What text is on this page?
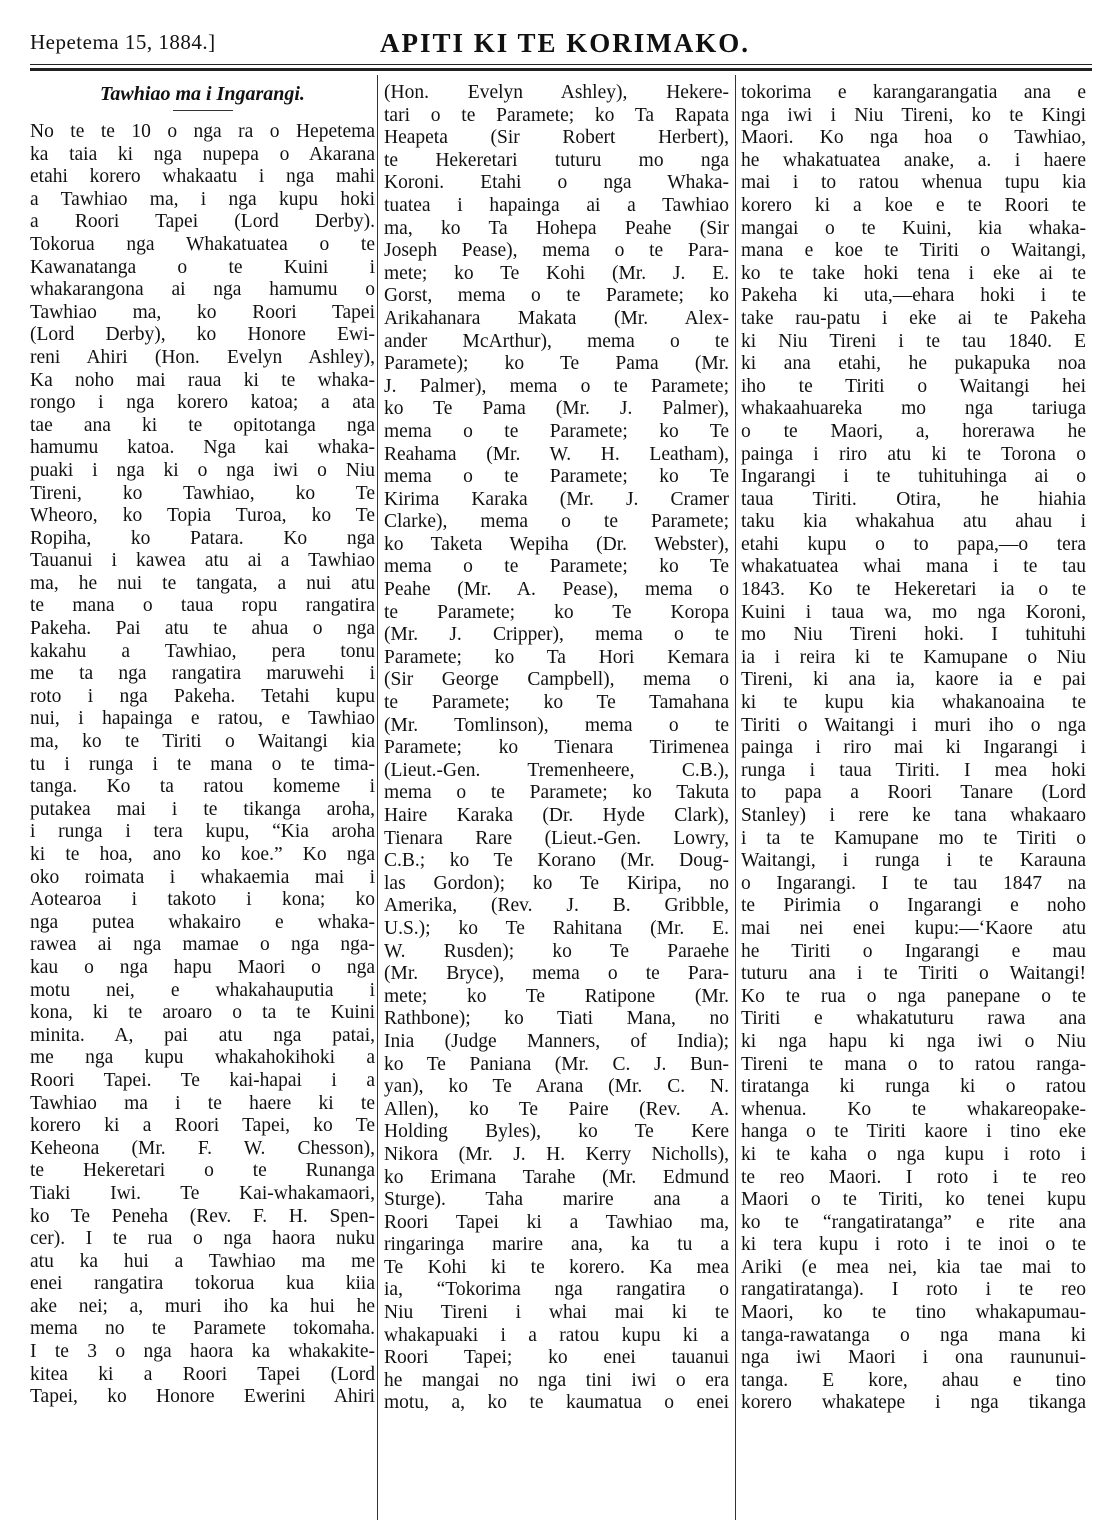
Hepetema 15, 1884.]	APITI KI TE KORIMAKO.
Tawhiao ma i Ingarangi.

No te te 10 o nga ra o Hepetema

ka taia ki nga nupepa o Akarana

etahi korero whakaatu i nga mahi

a Tawhiao ma, i nga kupu hoki

a Roori Tapei (Lord Derby).

Tokorua nga Whakatuatea o te

Kawanatanga o te Kuini i

whakarangona ai nga hamumu o

Tawhiao ma, ko Roori Tapei

(Lord Derby), ko Honore Ewi-

reni Ahiri (Hon. Evelyn Ashley),

Ka noho mai raua ki te whaka-

rongo i nga korero katoa; a ata

tae ana ki te opitotanga nga

hamumu katoa. Nga kai whaka-

puaki i nga ki o nga iwi o Niu

Tireni, ko Tawhiao, ko Te

Wheoro, ko Topia Turoa, ko Te

Ropiha, ko Patara. Ko nga

Tauanui i kawea atu ai a Tawhiao

ma, he nui te tangata, a nui atu

te mana o taua ropu rangatira

Pakeha. Pai atu te ahua o nga

kakahu a Tawhiao, pera tonu

me ta nga rangatira maruwehi i

roto i nga Pakeha. Tetahi kupu

nui, i hapainga e ratou, e Tawhiao

ma, ko te Tiriti o Waitangi kia

tu i runga i te mana o te tima-

tanga. Ko ta ratou komeme i

putakea mai i te tikanga aroha,

i runga i tera kupu, “Kia aroha

ki te hoa, ano ko koe.” Ko nga

oko roimata i whakaemia mai i

Aotearoa i takoto i kona; ko

nga putea whakairo e whaka-

rawea ai nga mamae o nga nga-

kau o nga hapu Maori o nga

motu nei, e whakahauputia i

kona, ki te aroaro o ta te Kuini

minita. A, pai atu nga patai,

me nga kupu whakahokihoki a

Roori Tapei. Te kai-hapai i a

Tawhiao ma i te haere ki te

korero ki a Roori Tapei, ko Te

Keheona (Mr. F. W. Chesson),

te Hekeretari o te Runanga

Tiaki Iwi. Te Kai-whakamaori,

ko Te Peneha (Rev. F. H. Spen-

cer). I te rua o nga haora nuku

atu ka hui a Tawhiao ma me

enei rangatira tokorua kua kiia

ake nei; a, muri iho ka hui he

mema no te Paramete tokomaha.

I te 3 o nga haora ka whakakite-

kitea ki a Roori Tapei (Lord

Tapei, ko Honore Ewerini Ahiri

(Hon. Evelyn Ashley), Hekere-

tari o te Paramete; ko Ta Rapata

Heapeta (Sir Robert Herbert),

te Hekeretari tuturu mo nga

Koroni. Etahi o nga Whaka-

tuatea i hapainga ai a Tawhiao

ma, ko Ta Hohepa Peahe (Sir

Joseph Pease), mema o te Para-

mete; ko Te Kohi (Mr. J. E.

Gorst, mema o te Paramete; ko

Arikahanara Makata (Mr. Alex-

ander McArthur), mema o te

Paramete); ko Te Pama (Mr.

J. Palmer), mema o te Paramete;

ko Te Pama (Mr. J. Palmer),

mema o te Paramete; ko Te

Reahama (Mr. W. H. Leatham),

mema o te Paramete; ko Te

Kirima Karaka (Mr. J. Cramer

Clarke), mema o te Paramete;

ko Taketa Wepiha (Dr. Webster),

mema o te Paramete; ko Te

Peahe (Mr. A. Pease), mema o

te Paramete; ko Te Koropa

(Mr. J. Cripper), mema o te

Paramete; ko Ta Hori Kemara

(Sir George Campbell), mema o

te Paramete; ko Te Tamahana

(Mr. Tomlinson), mema o te

Paramete; ko Tienara Tirimenea

(Lieut.-Gen. Tremenheere, C.B.),

mema o te Paramete; ko Takuta

Haire Karaka (Dr. Hyde Clark),

Tienara Rare (Lieut.-Gen. Lowry,

C.B.; ko Te Korano (Mr. Doug-

las Gordon); ko Te Kiripa, no

Amerika, (Rev. J. B. Gribble,

U.S.); ko Te Rahitana (Mr. E.

W. Rusden); ko Te Paraehe

(Mr. Bryce), mema o te Para-

mete; ko Te Ratipone (Mr.

Rathbone); ko Tiati Mana, no

Inia (Judge Manners, of India);

ko Te Paniana (Mr. C. J. Bun-

yan), ko Te Arana (Mr. C. N.

Allen), ko Te Paire (Rev. A.

Holding Byles), ko Te Kere

Nikora (Mr. J. H. Kerry Nicholls),

ko Erimana Tarahe (Mr. Edmund

Sturge). Taha marire ana a

Roori Tapei ki a Tawhiao ma,

ringaringa marire ana, ka tu a

Te Kohi ki te korero. Ka mea

ia, “Tokorima nga rangatira o

Niu Tireni i whai mai ki te

whakapuaki i a ratou kupu ki a

Roori Tapei; ko enei tauanui

he mangai no nga tini iwi o era

motu, a, ko te kaumatua o enei

tokorima e karangarangatia ana e

nga iwi i Niu Tireni, ko te Kingi

Maori. Ko nga hoa o Tawhiao,

he whakatuatea anake, a. i haere

mai i to ratou whenua tupu kia

korero ki a koe e te Roori te

mangai o te Kuini, kia whaka-

mana e koe te Tiriti o Waitangi,

ko te take hoki tena i eke ai te

Pakeha ki uta,—ehara hoki i te

take rau-patu i eke ai te Pakeha

ki Niu Tireni i te tau 1840. E

ki ana etahi, he pukapuka noa

iho te Tiriti o Waitangi hei

whakaahuareka mo nga tariuga

o te Maori, a, horerawa he

painga i riro atu ki te Torona o

Ingarangi i te tuhituhinga ai o

taua Tiriti. Otira, he hiahia

taku kia whakahua atu ahau i

etahi kupu o to papa,—o tera

whakatuatea whai mana i te tau

1843. Ko te Hekeretari ia o te

Kuini i taua wa, mo nga Koroni,

mo Niu Tireni hoki. I tuhituhi

ia i reira ki te Kamupane o Niu

Tireni, ki ana ia, kaore ia e pai

ki te kupu kia whakanoaina te

Tiriti o Waitangi i muri iho o nga

painga i riro mai ki Ingarangi i

runga i taua Tiriti. I mea hoki

to papa a Roori Tanare (Lord

Stanley) i rere ke tana whakaaro

i ta te Kamupane mo te Tiriti o

Waitangi, i runga i te Karauna

o Ingarangi. I te tau 1847 na

te Pirimia o Ingarangi e noho

mai nei enei kupu:—‘Kaore atu

he Tiriti o Ingarangi e mau

tuturu ana i te Tiriti o Waitangi!

Ko te rua o nga panepane o te

Tiriti e whakatuturu rawa ana

ki nga hapu ki nga iwi o Niu

Tireni te mana o to ratou ranga-

tiratanga ki runga ki o ratou

whenua. Ko te whakareopake-

hanga o te Tiriti kaore i tino eke

ki te kaha o nga kupu i roto i

te reo Maori. I roto i te reo

Maori o te Tiriti, ko tenei kupu

ko te “rangatiratanga” e rite ana

ki tera kupu i roto i te inoi o te

Ariki (e mea nei, kia tae mai to

rangatiratanga). I roto i te reo

Maori, ko te tino whakapumau-

tanga-rawatanga o nga mana ki

nga iwi Maori i ona raununui-

tanga. E kore, ahau e tino

korero whakatepe i nga tikanga
